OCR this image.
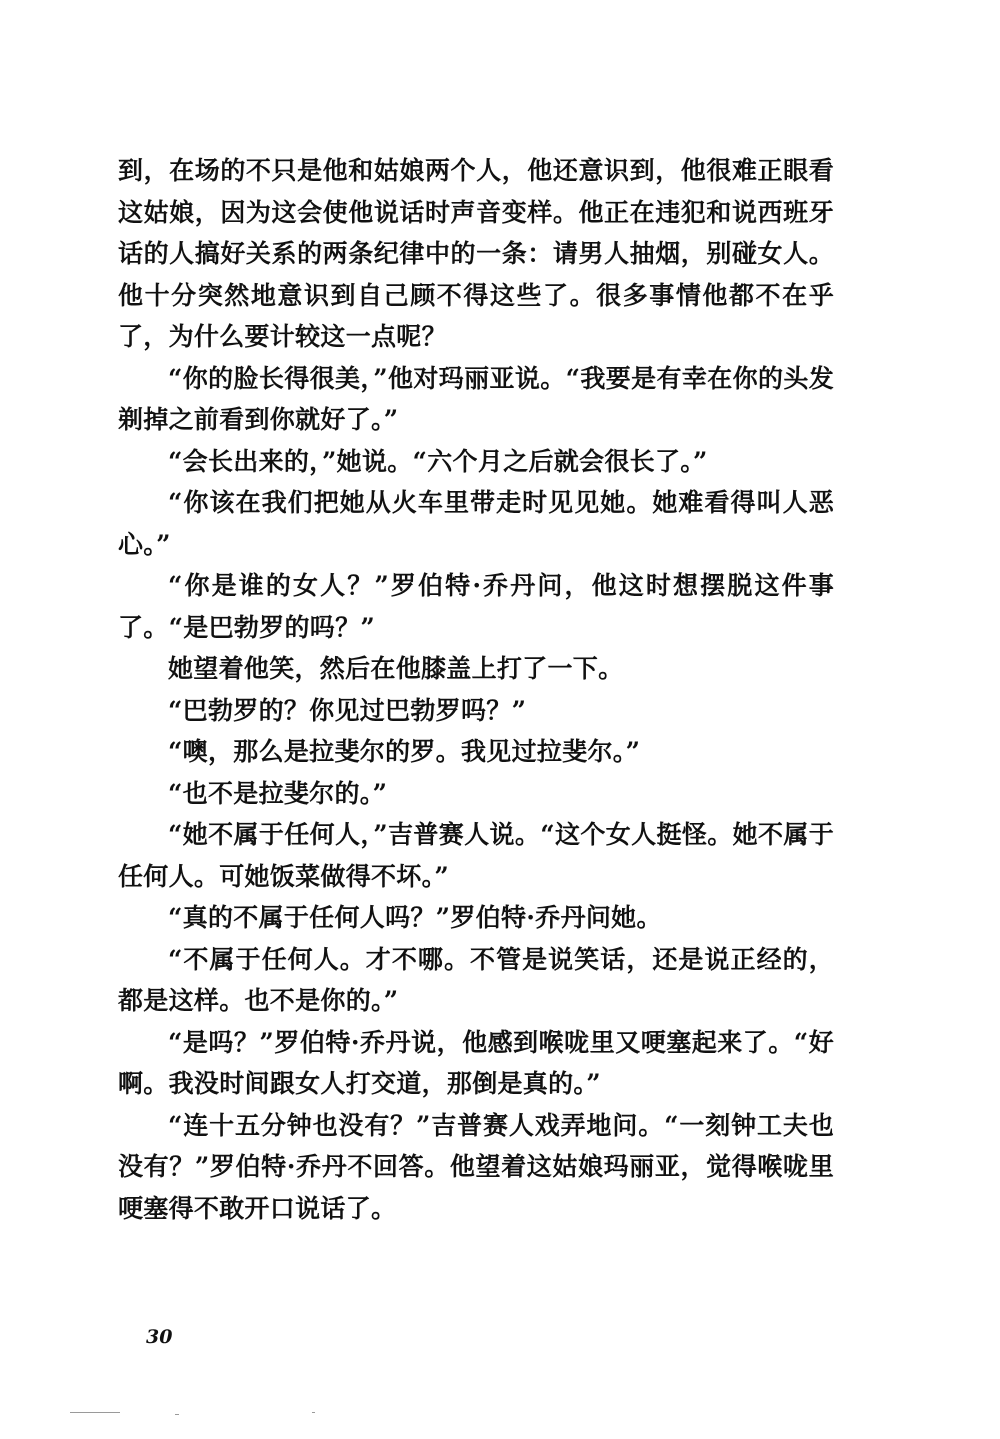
到，在场的不只是他和姑娘两个人，他还意识到，他很难正眼看这姑娘，因为这会使他说话时声音变样。他正在违犯和说西班牙话的人搞好关系的两条纪律中的一条：请男人抽烟，别碰女人。他十分突然地意识到自己顾不得这些了。很多事情他都不在乎了，为什么要计较这一点呢？

“你的脸长得很美，”他对玛丽亚说。“我要是有幸在你的头发剃掉之前看到你就好了。”

“会长出来的，”她说。“六个月之后就会很长了。”

“你该在我们把她从火车里带走时见见她。她难看得叫人恶心。”

“你是谁的女人？”罗伯特·乔丹问，他这时想摆脱这件事了。“是巴勃罗的吗？”

她望着他笑，然后在他膝盖上打了一下。

“巴勃罗的？你见过巴勃罗吗？”

“噢，那么是拉斐尔的罗。我见过拉斐尔。”

“也不是拉斐尔的。”

“她不属于任何人，”吉普赛人说。“这个女人挺怪。她不属于任何人。可她饭菜做得不坏。”

“真的不属于任何人吗？”罗伯特·乔丹问她。

“不属于任何人。才不哪。不管是说笑话，还是说正经的，都是这样。也不是你的。”

“是吗？”罗伯特·乔丹说，他感到喉咙里又哽塞起来了。“好啊。我没时间跟女人打交道，那倒是真的。”

“连十五分钟也没有？”吉普赛人戏弄地问。“一刻钟工夫也没有？”罗伯特·乔丹不回答。他望着这姑娘玛丽亚，觉得喉咙里哽塞得不敢开口说话了。

30
